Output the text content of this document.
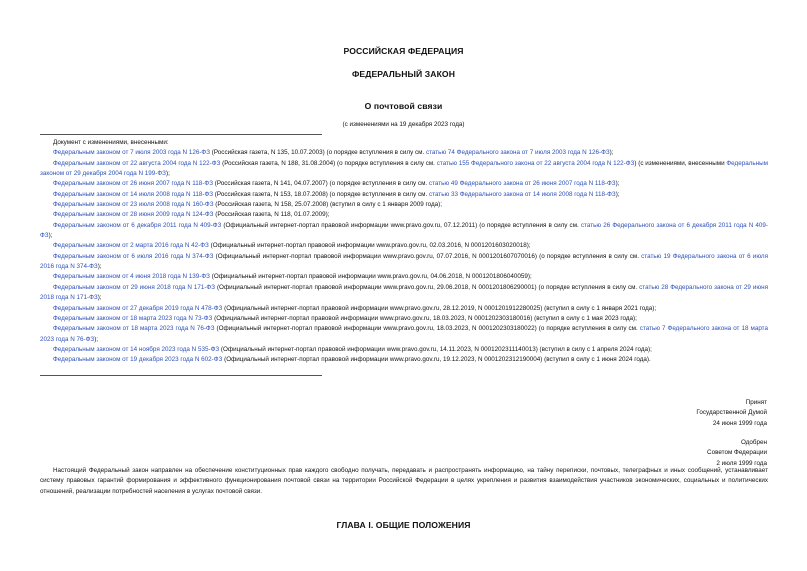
РОССИЙСКАЯ ФЕДЕРАЦИЯ
ФЕДЕРАЛЬНЫЙ ЗАКОН
О почтовой связи
(с изменениями на 19 декабря 2023 года)

Документ с изменениями, внесенными:

Федеральным законом от 7 июля 2003 года N 126-ФЗ (Российская газета, N 135, 10.07.2003) (о порядке вступления в силу см. статью 74 Федерального закона от 7 июля 2003 года N 126-ФЗ);

Федеральным законом от 22 августа 2004 года N 122-ФЗ (Российская газета, N 188, 31.08.2004) (о порядке вступления в силу см. статью 155 Федерального закона от 22 августа 2004 года N 122-ФЗ) (с изменениями, внесенными Федеральным законом от 29 декабря 2004 года N 199-ФЗ);

Федеральным законом от 26 июня 2007 года N 118-ФЗ (Российская газета, N 141, 04.07.2007) (о порядке вступления в силу см. статью 49 Федерального закона от 26 июня 2007 года N 118-ФЗ);

Федеральным законом от 14 июля 2008 года N 118-ФЗ (Российская газета, N 153, 18.07.2008) (о порядке вступления в силу см. статью 33 Федерального закона от 14 июля 2008 года N 118-ФЗ);

Федеральным законом от 23 июля 2008 года N 160-ФЗ (Российская газета, N 158, 25.07.2008) (вступил в силу с 1 января 2009 года);

Федеральным законом от 28 июня 2009 года N 124-ФЗ (Российская газета, N 118, 01.07.2009);

Федеральным законом от 6 декабря 2011 года N 409-ФЗ (Официальный интернет-портал правовой информации www.pravo.gov.ru, 07.12.2011) (о порядке вступления в силу см. статью 26 Федерального закона от 6 декабря 2011 года N 409-ФЗ);

Федеральным законом от 2 марта 2016 года N 42-ФЗ (Официальный интернет-портал правовой информации www.pravo.gov.ru, 02.03.2016, N 0001201603020018);

Федеральным законом от 6 июля 2016 года N 374-ФЗ (Официальный интернет-портал правовой информации www.pravo.gov.ru, 07.07.2016, N 0001201607070016) (о порядке вступления в силу см. статью 19 Федерального закона от 6 июля 2016 года N 374-ФЗ);

Федеральным законом от 4 июня 2018 года N 139-ФЗ (Официальный интернет-портал правовой информации www.pravo.gov.ru, 04.06.2018, N 0001201806040059);

Федеральным законом от 29 июня 2018 года N 171-ФЗ (Официальный интернет-портал правовой информации www.pravo.gov.ru, 29.06.2018, N 0001201806290001) (о порядке вступления в силу см. статью 28 Федерального закона от 29 июня 2018 года N 171-ФЗ);

Федеральным законом от 27 декабря 2019 года N 478-ФЗ (Официальный интернет-портал правовой информации www.pravo.gov.ru, 28.12.2019, N 0001201912280025) (вступил в силу с 1 января 2021 года);

Федеральным законом от 18 марта 2023 года N 73-ФЗ (Официальный интернет-портал правовой информации www.pravo.gov.ru, 18.03.2023, N 0001202303180016) (вступил в силу с 1 мая 2023 года);

Федеральным законом от 18 марта 2023 года N 76-ФЗ (Официальный интернет-портал правовой информации www.pravo.gov.ru, 18.03.2023, N 0001202303180022) (о порядке вступления в силу см. статью 7 Федерального закона от 18 марта 2023 года N 76-ФЗ);

Федеральным законом от 14 ноября 2023 года N 535-ФЗ (Официальный интернет-портал правовой информации www.pravo.gov.ru, 14.11.2023, N 0001202311140013) (вступил в силу с 1 апреля 2024 года);

Федеральным законом от 19 декабря 2023 года N 602-ФЗ (Официальный интернет-портал правовой информации www.pravo.gov.ru, 19.12.2023, N 0001202312190004) (вступил в силу с 1 июня 2024 года).

Принят
Государственной Думой
24 июня 1999 года
Одобрен
Советом Федерации
2 июля 1999 года

Настоящий Федеральный закон направлен на обеспечение конституционных прав каждого свободно получать, передавать и распространять информацию, на тайну переписки, почтовых, телеграфных и иных сообщений, устанавливает систему правовых гарантий формирования и эффективного функционирования почтовой связи на территории Российской Федерации в целях укрепления и развития взаимодействия участников экономических, социальных и политических отношений, реализации потребностей населения в услугах почтовой связи.

ГЛАВА I. ОБЩИЕ ПОЛОЖЕНИЯ
